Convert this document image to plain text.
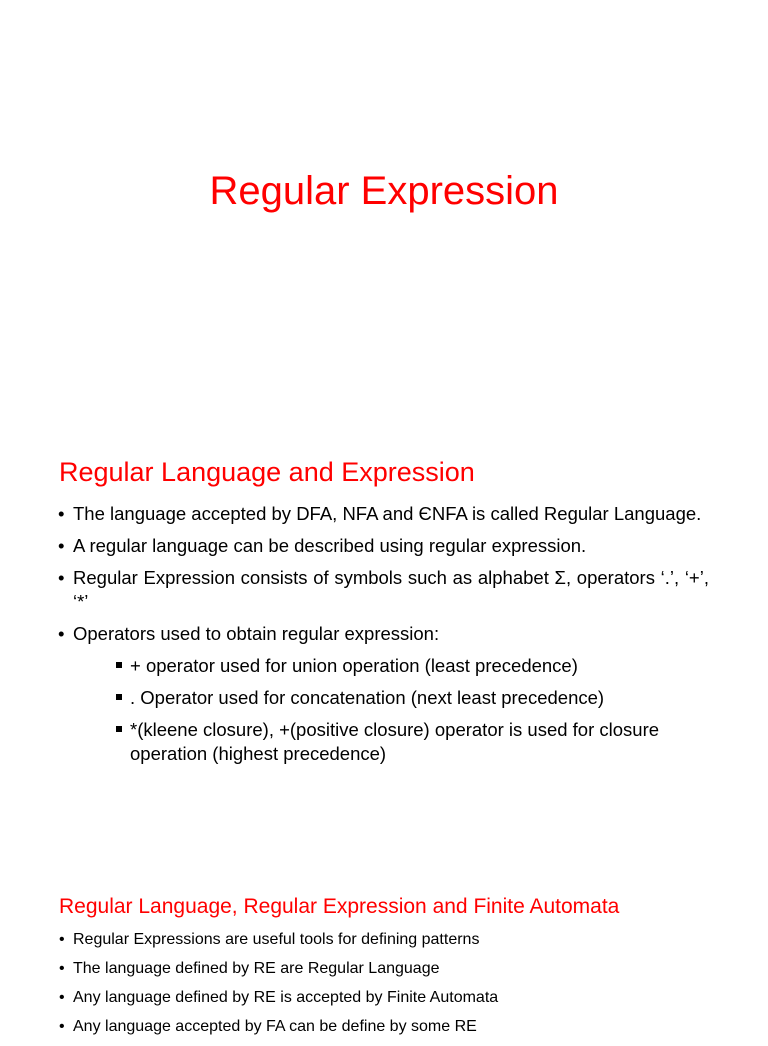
Regular Expression
Regular Language and Expression
• The language accepted by DFA, NFA and ЄNFA is called Regular Language.
• A regular language can be described using regular expression.
• Regular Expression consists of symbols such as alphabet Σ, operators ‘.’, ‘+’, ‘*’
• Operators used to obtain regular expression:
+ operator used for union operation (least precedence)
. Operator used for concatenation (next least precedence)
*(kleene closure), +(positive closure) operator is used for closure operation (highest precedence)
Regular Language, Regular Expression and Finite Automata
• Regular Expressions are useful tools for defining patterns
• The language defined by RE are Regular Language
• Any language defined by RE is accepted by Finite Automata
• Any language accepted by FA can be define by some RE
